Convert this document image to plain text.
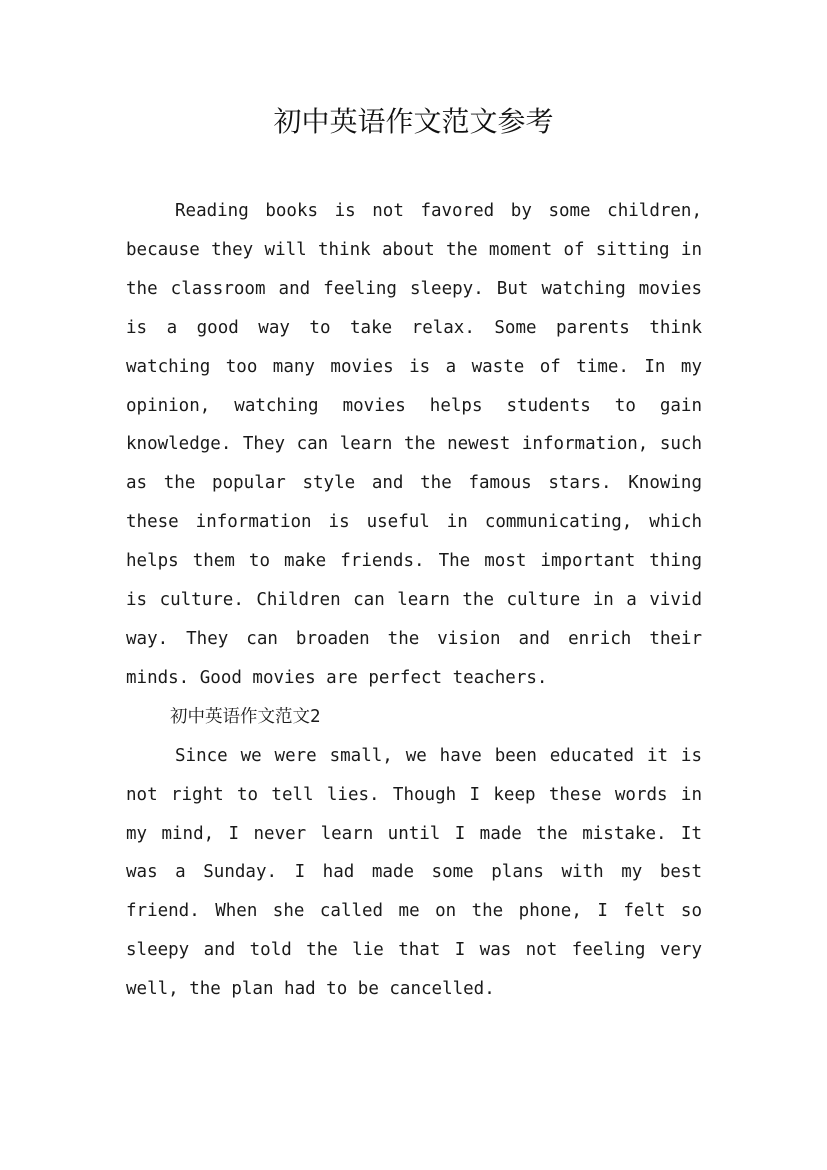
初中英语作文范文参考

Reading books is not favored by some children, because they will think about the moment of sitting in the classroom and feeling sleepy. But watching movies is a good way to take relax. Some parents think watching too many movies is a waste of time. In my opinion, watching movies helps students to gain knowledge. They can learn the newest information, such as the popular style and the famous stars. Knowing these information is useful in communicating, which helps them to make friends. The most important thing is culture. Children can learn the culture in a vivid way. They can broaden the vision and enrich their minds. Good movies are perfect teachers.

初中英语作文范文2

Since we were small, we have been educated it is not right to tell lies. Though I keep these words in my mind, I never learn until I made the mistake. It was a Sunday. I had made some plans with my best friend. When she called me on the phone, I felt so sleepy and told the lie that I was not feeling very well, the plan had to be cancelled.
